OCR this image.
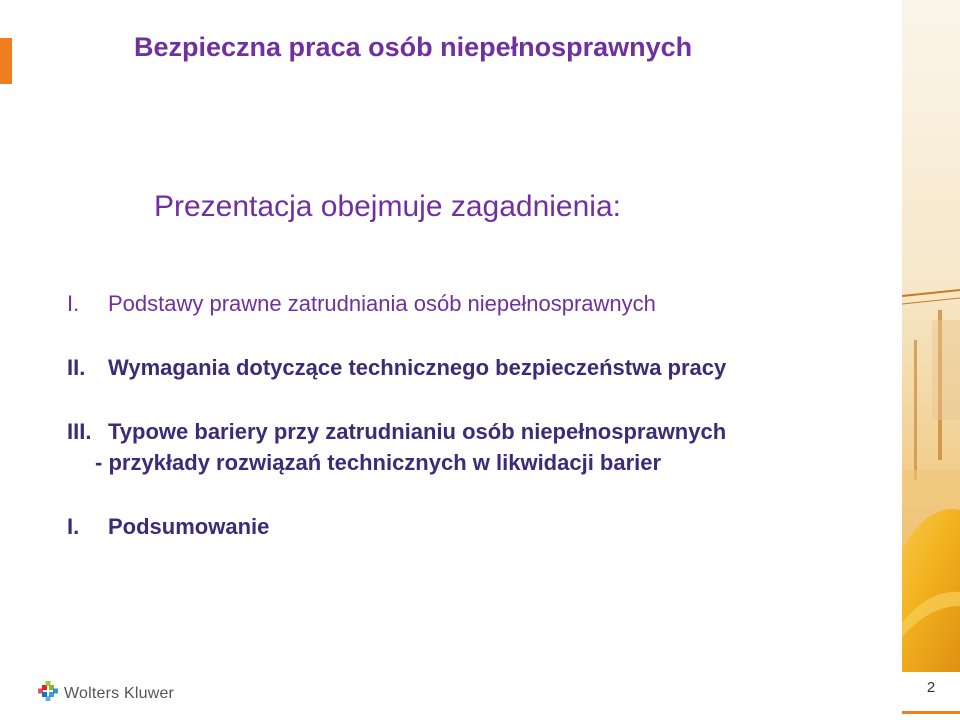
Bezpieczna praca osób niepełnosprawnych
Prezentacja obejmuje zagadnienia:
I. Podstawy prawne zatrudniania osób niepełnosprawnych
II. Wymagania dotyczące technicznego bezpieczeństwa pracy
III. Typowe bariery przy zatrudnianiu osób niepełnosprawnych
- przykłady rozwiązań technicznych w likwidacji barier
I. Podsumowanie
2
Wolters Kluwer
